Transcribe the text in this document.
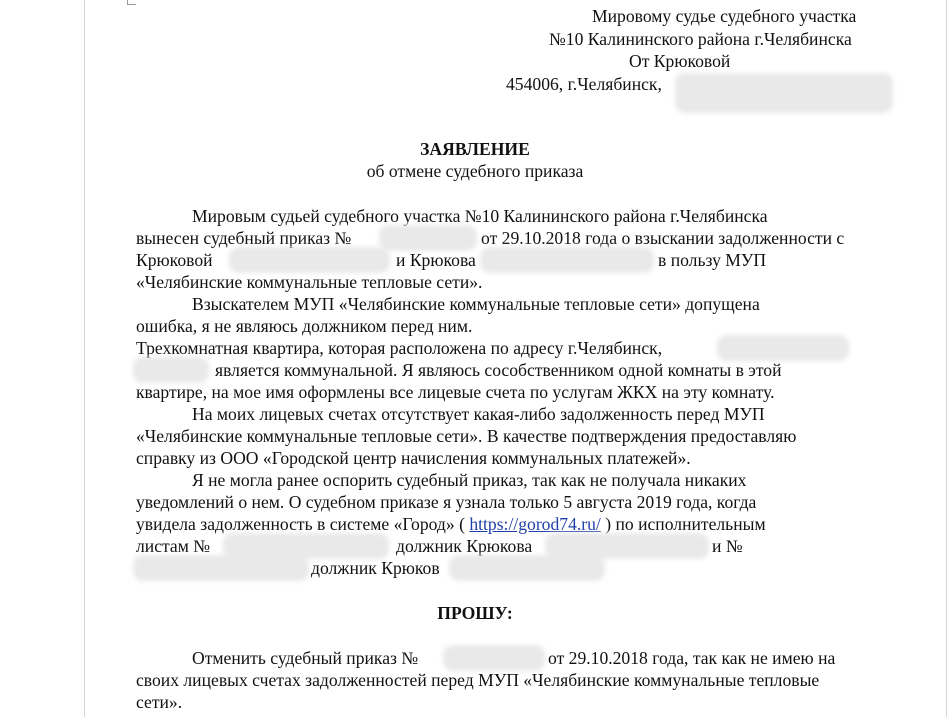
Мировому судье судебного участка

№10 Калининского района г.Челябинска

От Крюковой

454006, г.Челябинск,

ЗАЯВЛЕНИЕ

об отмене судебного приказа

Мировым судьей судебного участка №10 Калининского района г.Челябинска

вынесен судебный приказ №	от 29.10.2018 года о взыскании задолженности с

Крюковой	и Крюкова	в пользу МУП

«Челябинские коммунальные тепловые сети».

Взыскателем МУП «Челябинские коммунальные тепловые сети» допущена

ошибка, я не являюсь должником перед ним.

Трехкомнатная квартира, которая расположена по адресу г.Челябинск,

является коммунальной. Я являюсь сособственником одной комнаты в этой

квартире, на мое имя оформлены все лицевые счета по услугам ЖКХ на эту комнату.

На моих лицевых счетах отсутствует какая-либо задолженность перед МУП

«Челябинские коммунальные тепловые сети». В качестве подтверждения предоставляю

справку из ООО «Городской центр начисления коммунальных платежей».

Я не могла ранее оспорить судебный приказ, так как не получала никаких

уведомлений о нем. О судебном приказе я узнала только 5 августа 2019 года, когда

увидела задолженность в системе «Город» ( https://gorod74.ru/ ) по исполнительным

листам №	должник Крюкова	и №

должник Крюков

ПРОШУ:

Отменить судебный приказ №	от 29.10.2018 года, так как не имею на

своих лицевых счетах задолженностей перед МУП «Челябинские коммунальные тепловые

сети».
